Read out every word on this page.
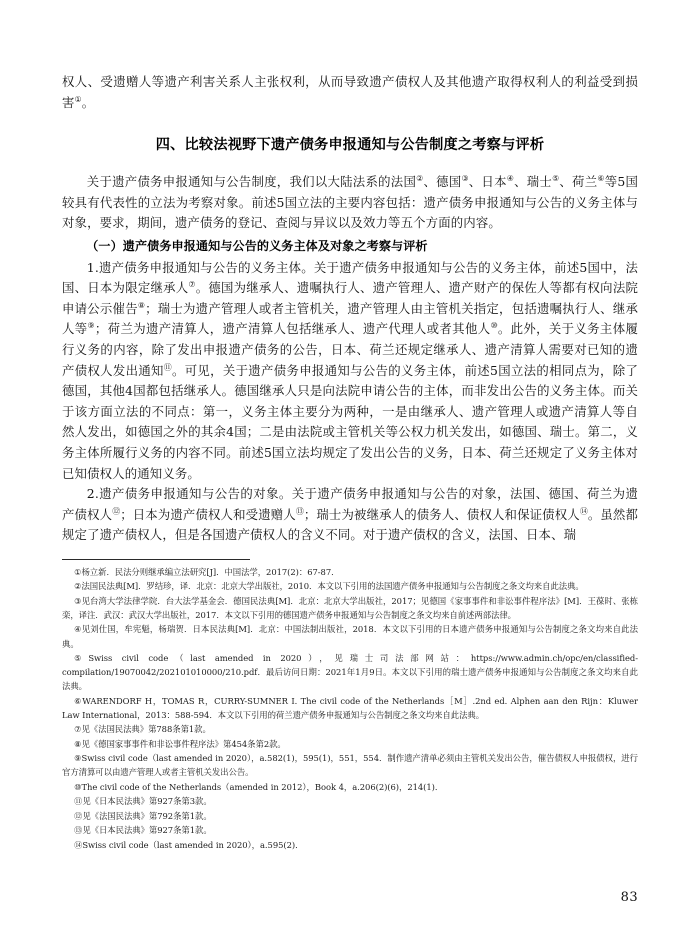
权人、受遗赠人等遗产利害关系人主张权利，从而导致遗产债权人及其他遗产取得权利人的利益受到损害①。

四、比较法视野下遗产债务申报通知与公告制度之考察与评析

关于遗产债务申报通知与公告制度，我们以大陆法系的法国②、德国③、日本④、瑞士⑤、荷兰⑥等5国较具有代表性的立法为考察对象。前述5国立法的主要内容包括：遗产债务申报通知与公告的义务主体与对象，要求，期间，遗产债务的登记、查阅与异议以及效力等五个方面的内容。

（一）遗产债务申报通知与公告的义务主体及对象之考察与评析

1.遗产债务申报通知与公告的义务主体。关于遗产债务申报通知与公告的义务主体，前述5国中，法国、日本为限定继承人⑦。德国为继承人、遗嘱执行人、遗产管理人、遗产财产的保佐人等都有权向法院申请公示催告⑧；瑞士为遗产管理人或者主管机关，遗产管理人由主管机关指定，包括遗嘱执行人、继承人等⑨；荷兰为遗产清算人，遗产清算人包括继承人、遗产代理人或者其他人⑩。此外，关于义务主体履行义务的内容，除了发出申报遗产债务的公告，日本、荷兰还规定继承人、遗产清算人需要对已知的遗产债权人发出通知⑪。可见，关于遗产债务申报通知与公告的义务主体，前述5国立法的相同点为，除了德国，其他4国都包括继承人。德国继承人只是向法院申请公告的主体，而非发出公告的义务主体。而关于该方面立法的不同点：第一，义务主体主要分为两种，一是由继承人、遗产管理人或遗产清算人等自然人发出，如德国之外的其余4国；二是由法院或主管机关等公权力机关发出，如德国、瑞士。第二，义务主体所履行义务的内容不同。前述5国立法均规定了发出公告的义务，日本、荷兰还规定了义务主体对已知债权人的通知义务。

2.遗产债务申报通知与公告的对象。关于遗产债务申报通知与公告的对象，法国、德国、荷兰为遗产债权人⑫；日本为遗产债权人和受遗赠人⑬；瑞士为被继承人的债务人、债权人和保证债权人⑭。虽然都规定了遗产债权人，但是各国遗产债权人的含义不同。对于遗产债权的含义，法国、日本、瑞

①杨立新．民法分则继承编立法研究[J]．中国法学，2017(2)：67-87．

②法国民法典[M]．罗结珍，译．北京：北京大学出版社，2010．本文以下引用的法国遗产债务申报通知与公告制度之条文均来自此法典。

③见台湾大学法律学院．台大法学基金会．德国民法典[M]．北京：北京大学出版社，2017；见德国《家事事件和非讼事件程序法》[M]．王葆时、张栋栾，译注．武汉：武汉大学出版社，2017．本文以下引用的德国遗产债务申报通知与公告制度之条文均来自前述两部法律。

④见刘仕国，牟宪魁，杨瑞贺．日本民法典[M]．北京：中国法制出版社，2018．本文以下引用的日本遗产债务申报通知与公告制度之条文均来自此法典。

⑤Swiss civil code（last amended in 2020），见瑞士司法部网站：https://www.admin.ch/opc/en/classified-compilation/19070042/202101010000/210.pdf．最后访问日期：2021年1月9日。本文以下引用的瑞士遗产债务申报通知与公告制度之条文均来自此法典。

⑥WARENDORF H，TOMAS R，CURRY-SUMNER I. The civil code of the Netherlands［M］.2nd ed. Alphen aan den Rijn：Kluwer Law International，2013：588-594．本文以下引用的荷兰遗产债务申报通知与公告制度之条文均来自此法典。

⑦见《法国民法典》第788条第1款。

⑧见《德国家事事件和非讼事件程序法》第454条第2款。

⑨Swiss civil code（last amended in 2020），a.582(1)，595(1)，551，554．制作遗产清单必须由主管机关发出公告，催告债权人申报债权，进行官方清算可以由遗产管理人或者主管机关发出公告。

⑩The civil code of the Netherlands（amended in 2012），Book 4，a.206(2)(6)，214(1)．

⑪见《日本民法典》第927条第3款。

⑫见《法国民法典》第792条第1款。

⑬见《日本民法典》第927条第1款。

⑭Swiss civil code（last amended in 2020），a.595(2)．

83
